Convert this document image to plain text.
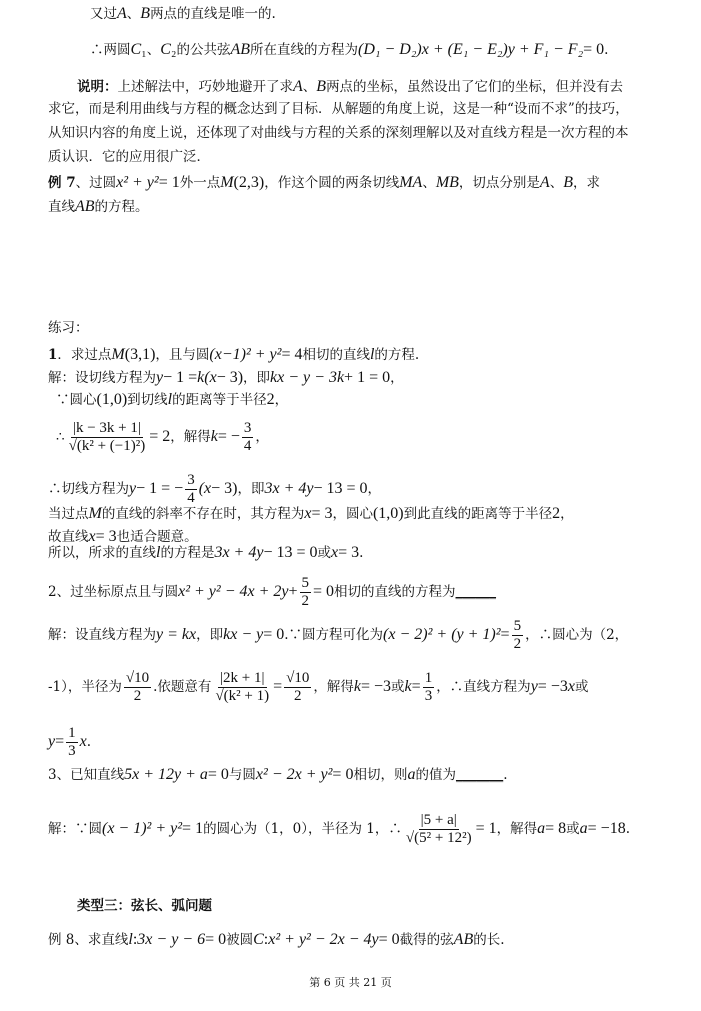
又过 A 、 B 两点的直线是唯一的.
∴两圆 C ₁ 、 C ₂ 的公共弦 AB 所在直线的方程为 (D₁ − D₂)x + (E₁ − E₂)y + F₁ − F₂ = 0 .
说明： 上述解法中，巧妙地避开了求 A 、 B 两点的坐标，虽然设出了它们的坐标，但并没有去
求它，而是利用曲线与方程的概念达到了目标．从解题的角度上说，这是一种“设而不求”的技巧，
从知识内容的角度上说，还体现了对曲线与方程的关系的深刻理解以及对直线方程是一次方程的本
质认识．它的应用很广泛．
例 7 、过圆 x² + y² = 1 外一点 M (2,3) ，作这个圆的两条切线 MA 、 MB ，切点分别是 A 、 B ，求
直线 AB 的方程。
练习：
1 ．求过点 M (3,1) ，且与圆 (x−1)² + y² = 4 相切的直线 l 的方程.
解：设切线方程为 y − 1 = k(x − 3) ，即 kx − y − 3k + 1 = 0 ，
∵圆心 (1,0) 到切线 l 的距离等于半径 2 ，
∴ $\frac{|k - 3k + 1|}{\text{√(k² + (−1)²)}} = 2$ ，解得 k = − $\frac{3}{4}$ ，
∴切线方程为 y − 1 = − $\frac{3}{4} (x - 3)$ ，即 3x + 4y − 13 = 0 ，
当过点 M 的直线的斜率不存在时，其方程为 x = 3 ，圆心 (1,0) 到此直线的距离等于半径 2 ，
故直线 x = 3 也适合题意。
所以，所求的直线 l 的方程是 3x + 4y − 13 = 0 或 x = 3 .
2、过坐标原点且与圆 $x^2 + y^2 - 4x + 2y + \frac{5}{2} = 0$ 相切的直线的方程为 ______
解：设直线方程为 y = kx ，即 kx − y = 0 .∵圆方程可化为 $(x - 2)^2 + (y + 1)^2 = \frac{5}{2}$ ，∴圆心为（2，
-1），半径为 $\frac{√10}{2}$ .依题意有 $\frac{|2k + 1|}{\text{√(k² + 1)}} = \frac{√10}{2}$ ，解得 k = −3 或 $k = \frac{1}{3}$ ，∴直线方程为 y = −3 x 或
$y = \frac{1}{3}$ x .
3、已知直线 5x + 12y + a = 0 与圆 x² − 2x + y² = 0 相切，则 a 的值为 _______ .
解：∵圆 (x − 1)² + y² = 1 的圆心为（1，0），半径为 1，∴ $\frac{|5 + a|}{\text{√(5² + 12²)}} = 1$ ，解得 a = 8 或 a = −18 .
类型三：弦长、弧问题
例 8、求直线 l : 3x − y − 6 = 0 被圆 C : x² + y² − 2x − 4y = 0 截得的弦 AB 的长.
第 6 页 共 21 页
